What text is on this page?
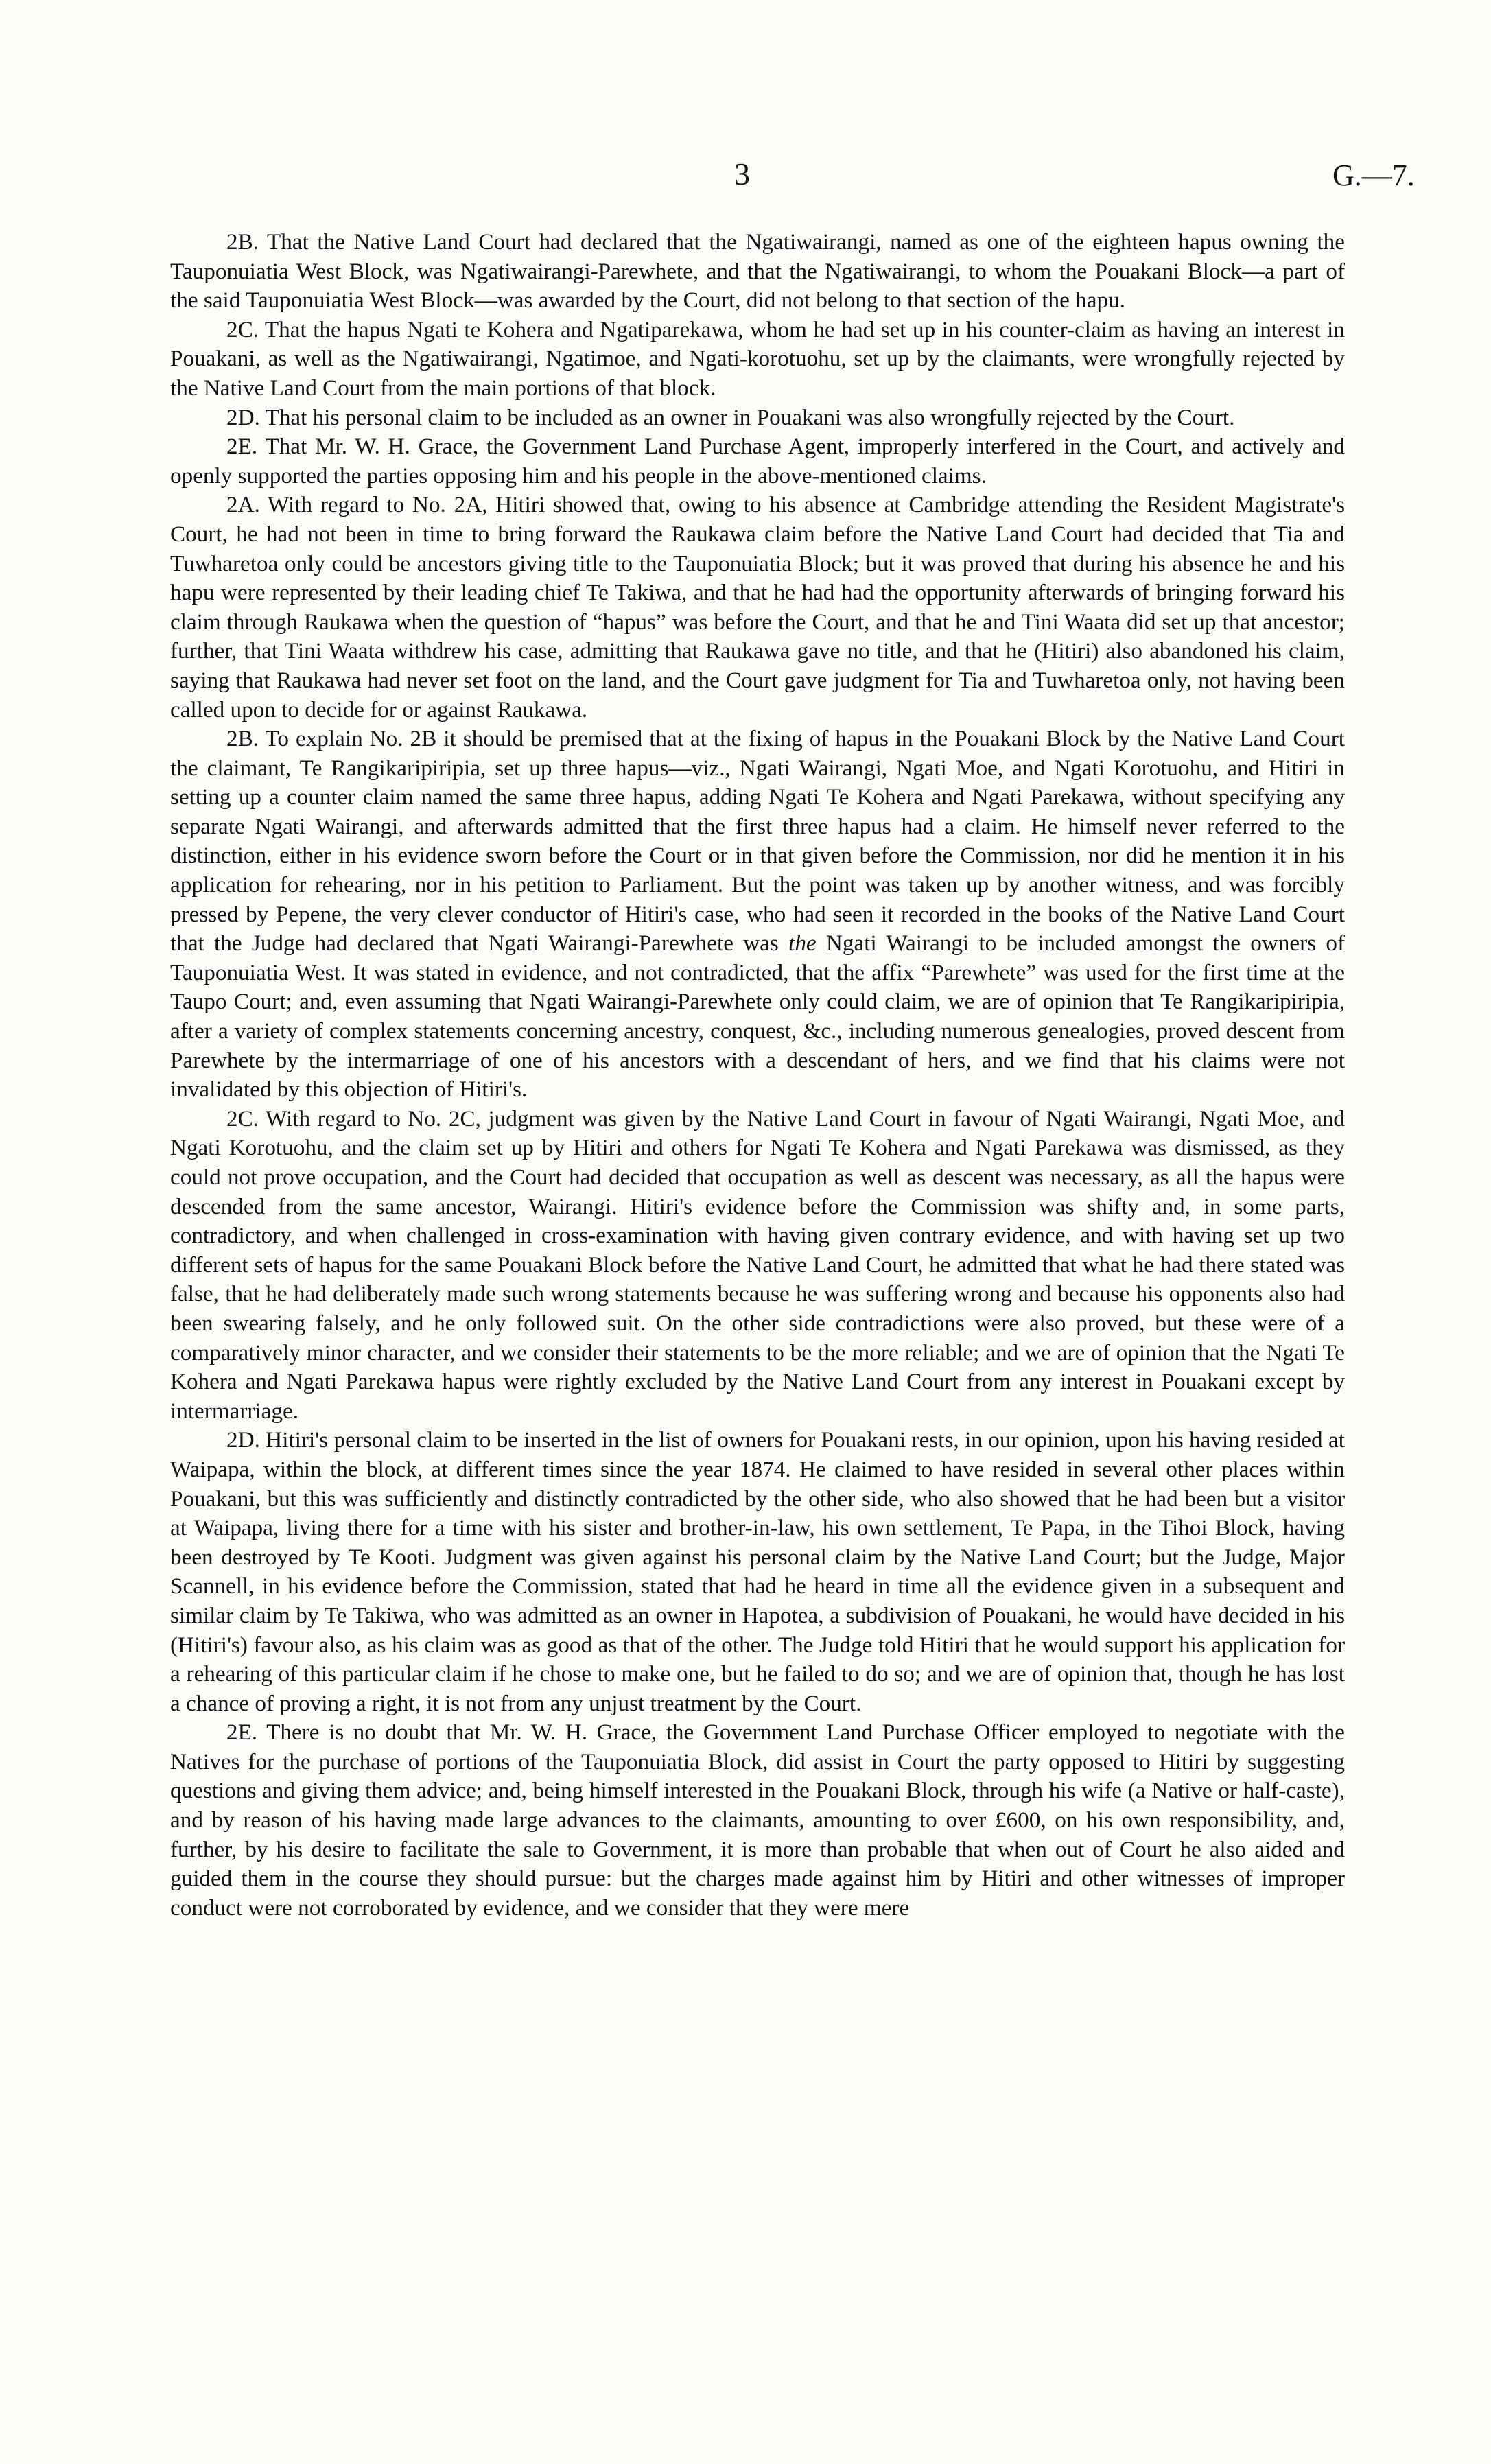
3	G.—7.

2B. That the Native Land Court had declared that the Ngatiwairangi, named as one of the eighteen hapus owning the Tauponuiatia West Block, was Ngatiwairangi-Parewhete, and that the Ngatiwairangi, to whom the Pouakani Block—a part of the said Tauponuiatia West Block—was awarded by the Court, did not belong to that section of the hapu.

2C. That the hapus Ngati te Kohera and Ngatiparekawa, whom he had set up in his counter-claim as having an interest in Pouakani, as well as the Ngatiwairangi, Ngatimoe, and Ngati-korotuohu, set up by the claimants, were wrongfully rejected by the Native Land Court from the main portions of that block.

2D. That his personal claim to be included as an owner in Pouakani was also wrongfully rejected by the Court.

2E. That Mr. W. H. Grace, the Government Land Purchase Agent, improperly interfered in the Court, and actively and openly supported the parties opposing him and his people in the above-mentioned claims.

2A. With regard to No. 2A, Hitiri showed that, owing to his absence at Cambridge attending the Resident Magistrate's Court, he had not been in time to bring forward the Raukawa claim before the Native Land Court had decided that Tia and Tuwharetoa only could be ancestors giving title to the Tauponuiatia Block; but it was proved that during his absence he and his hapu were represented by their leading chief Te Takiwa, and that he had had the opportunity afterwards of bringing forward his claim through Raukawa when the question of “hapus” was before the Court, and that he and Tini Waata did set up that ancestor; further, that Tini Waata withdrew his case, admitting that Raukawa gave no title, and that he (Hitiri) also abandoned his claim, saying that Raukawa had never set foot on the land, and the Court gave judgment for Tia and Tuwharetoa only, not having been called upon to decide for or against Raukawa.

2B. To explain No. 2B it should be premised that at the fixing of hapus in the Pouakani Block by the Native Land Court the claimant, Te Rangikaripiripia, set up three hapus—viz., Ngati Wairangi, Ngati Moe, and Ngati Korotuohu, and Hitiri in setting up a counter claim named the same three hapus, adding Ngati Te Kohera and Ngati Parekawa, without specifying any separate Ngati Wairangi, and afterwards admitted that the first three hapus had a claim. He himself never referred to the distinction, either in his evidence sworn before the Court or in that given before the Commission, nor did he mention it in his application for rehearing, nor in his petition to Parliament. But the point was taken up by another witness, and was forcibly pressed by Pepene, the very clever conductor of Hitiri's case, who had seen it recorded in the books of the Native Land Court that the Judge had declared that Ngati Wairangi-Parewhete was the Ngati Wairangi to be included amongst the owners of Tauponuiatia West. It was stated in evidence, and not contradicted, that the affix “Parewhete” was used for the first time at the Taupo Court; and, even assuming that Ngati Wairangi-Parewhete only could claim, we are of opinion that Te Rangikaripiripia, after a variety of complex statements concerning ancestry, conquest, &c., including numerous genealogies, proved descent from Parewhete by the intermarriage of one of his ancestors with a descendant of hers, and we find that his claims were not invalidated by this objection of Hitiri's.

2C. With regard to No. 2C, judgment was given by the Native Land Court in favour of Ngati Wairangi, Ngati Moe, and Ngati Korotuohu, and the claim set up by Hitiri and others for Ngati Te Kohera and Ngati Parekawa was dismissed, as they could not prove occupation, and the Court had decided that occupation as well as descent was necessary, as all the hapus were descended from the same ancestor, Wairangi. Hitiri's evidence before the Commission was shifty and, in some parts, contradictory, and when challenged in cross-examination with having given contrary evidence, and with having set up two different sets of hapus for the same Pouakani Block before the Native Land Court, he admitted that what he had there stated was false, that he had deliberately made such wrong statements because he was suffering wrong and because his opponents also had been swearing falsely, and he only followed suit. On the other side contradictions were also proved, but these were of a comparatively minor character, and we consider their statements to be the more reliable; and we are of opinion that the Ngati Te Kohera and Ngati Parekawa hapus were rightly excluded by the Native Land Court from any interest in Pouakani except by intermarriage.

2D. Hitiri's personal claim to be inserted in the list of owners for Pouakani rests, in our opinion, upon his having resided at Waipapa, within the block, at different times since the year 1874. He claimed to have resided in several other places within Pouakani, but this was sufficiently and distinctly contradicted by the other side, who also showed that he had been but a visitor at Waipapa, living there for a time with his sister and brother-in-law, his own settlement, Te Papa, in the Tihoi Block, having been destroyed by Te Kooti. Judgment was given against his personal claim by the Native Land Court; but the Judge, Major Scannell, in his evidence before the Commission, stated that had he heard in time all the evidence given in a subsequent and similar claim by Te Takiwa, who was admitted as an owner in Hapotea, a subdivision of Pouakani, he would have decided in his (Hitiri's) favour also, as his claim was as good as that of the other. The Judge told Hitiri that he would support his application for a rehearing of this particular claim if he chose to make one, but he failed to do so; and we are of opinion that, though he has lost a chance of proving a right, it is not from any unjust treatment by the Court.

2E. There is no doubt that Mr. W. H. Grace, the Government Land Purchase Officer employed to negotiate with the Natives for the purchase of portions of the Tauponuiatia Block, did assist in Court the party opposed to Hitiri by suggesting questions and giving them advice; and, being himself interested in the Pouakani Block, through his wife (a Native or half-caste), and by reason of his having made large advances to the claimants, amounting to over £600, on his own responsibility, and, further, by his desire to facilitate the sale to Government, it is more than probable that when out of Court he also aided and guided them in the course they should pursue: but the charges made against him by Hitiri and other witnesses of improper conduct were not corroborated by evidence, and we consider that they were mere
